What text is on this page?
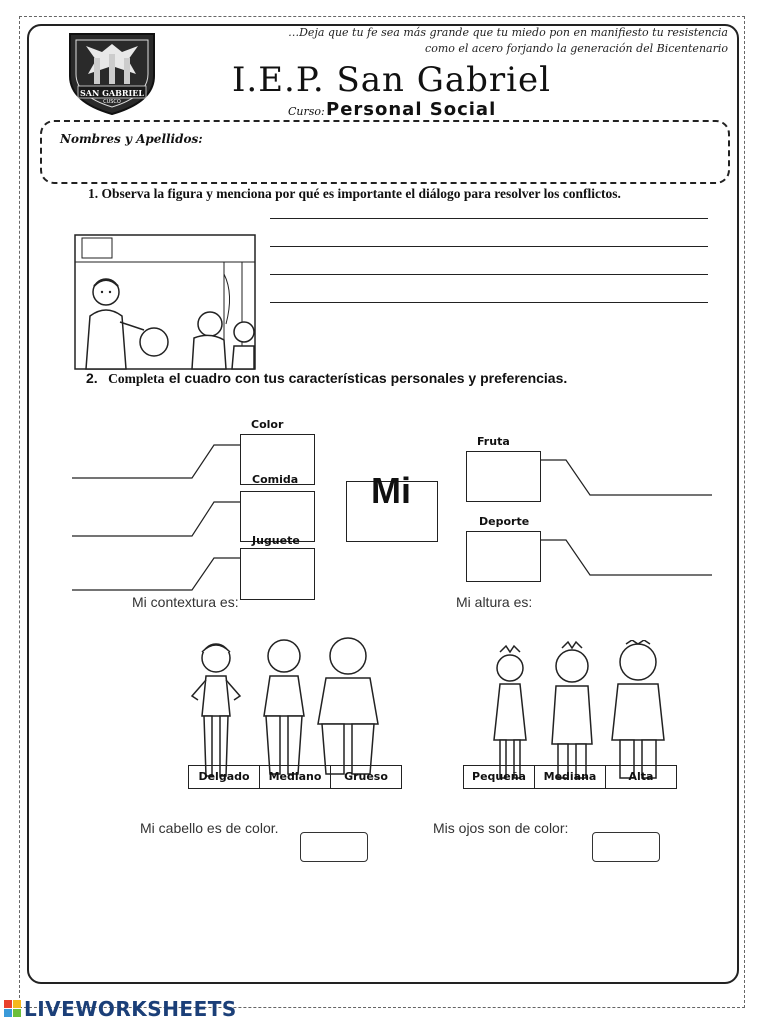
SAN GABRIEL
CUSCO
…Deja que tu fe sea más grande que tu miedo pon en manifiesto tu resistencia
como el acero forjando la generación del Bicentenario
I.E.P. San Gabriel
Curso: Personal Social
Nombres y Apellidos:
1. Observa la figura y menciona por qué es importante el diálogo para resolver los conflictos.
2. Completa el cuadro con tus características personales y preferencias.
Color
Comida
Juguete
Mi
Fruta
Deporte
Mi contextura es:	Mi altura es:
Delgado	Mediano	Grueso	Pequeña	Mediana	Alta
Mi cabello es de color.	Mis ojos son de color:
LIVEWORKSHEETS
